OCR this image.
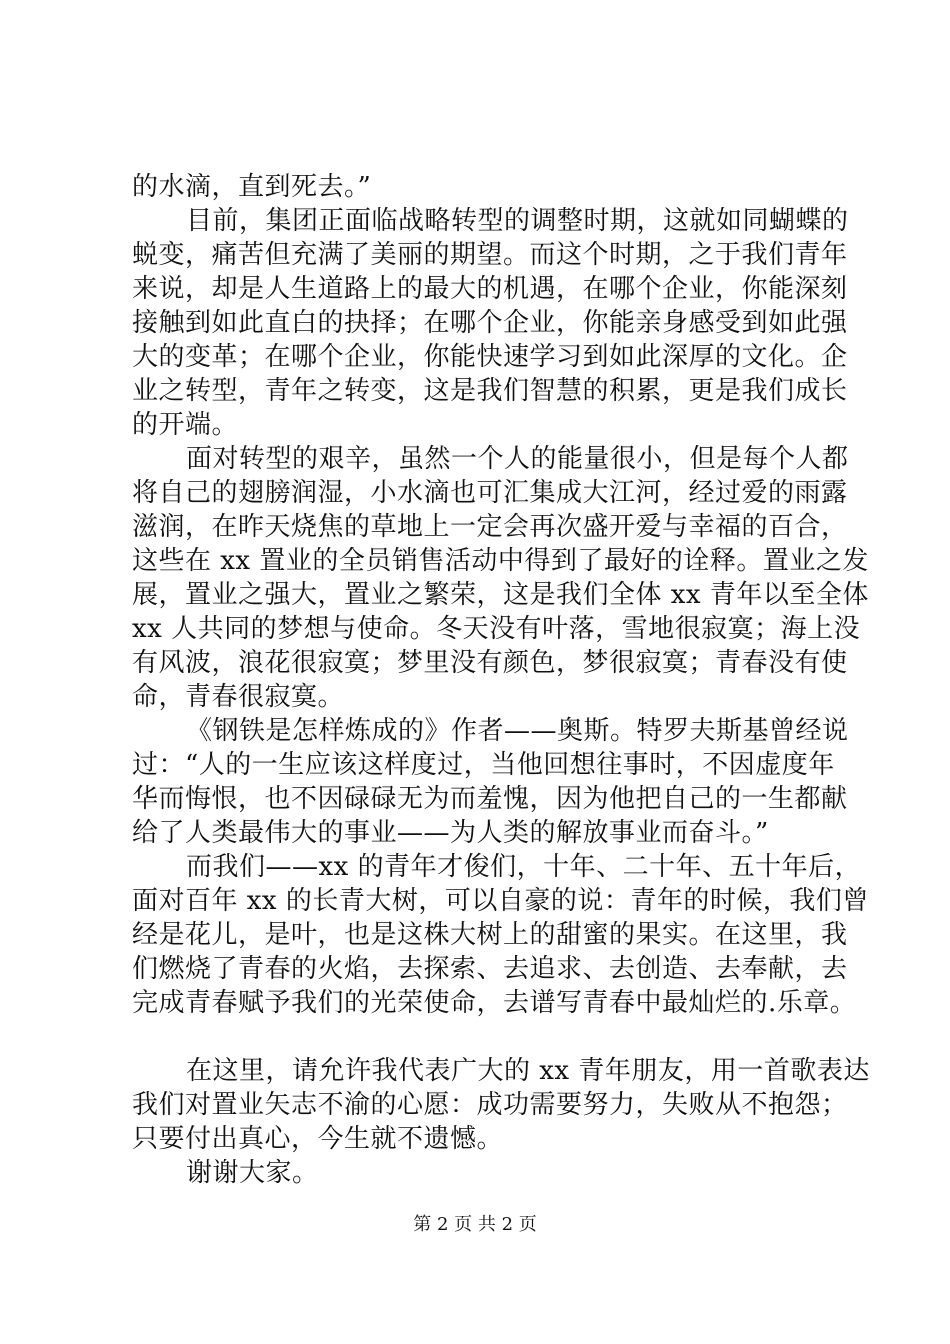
的水滴，直到死去。”
目前，集团正面临战略转型的调整时期，这就如同蝴蝶的
蜕变，痛苦但充满了美丽的期望。而这个时期，之于我们青年
来说，却是人生道路上的最大的机遇，在哪个企业，你能深刻
接触到如此直白的抉择；在哪个企业，你能亲身感受到如此强
大的变革；在哪个企业，你能快速学习到如此深厚的文化。企
业之转型，青年之转变，这是我们智慧的积累，更是我们成长
的开端。
面对转型的艰辛，虽然一个人的能量很小，但是每个人都
将自己的翅膀润湿，小水滴也可汇集成大江河，经过爱的雨露
滋润，在昨天烧焦的草地上一定会再次盛开爱与幸福的百合，
这些在 xx 置业的全员销售活动中得到了最好的诠释。置业之发
展，置业之强大，置业之繁荣，这是我们全体 xx 青年以至全体
xx 人共同的梦想与使命。冬天没有叶落，雪地很寂寞；海上没
有风波，浪花很寂寞；梦里没有颜色，梦很寂寞；青春没有使
命，青春很寂寞。
《钢铁是怎样炼成的》作者——奥斯。特罗夫斯基曾经说
过：“人的一生应该这样度过，当他回想往事时，不因虚度年
华而悔恨，也不因碌碌无为而羞愧，因为他把自己的一生都献
给了人类最伟大的事业——为人类的解放事业而奋斗。”
而我们——xx 的青年才俊们，十年、二十年、五十年后，
面对百年 xx 的长青大树，可以自豪的说：青年的时候，我们曾
经是花儿，是叶，也是这株大树上的甜蜜的果实。在这里，我
们燃烧了青春的火焰，去探索、去追求、去创造、去奉献，去
完成青春赋予我们的光荣使命，去谱写青春中最灿烂的.乐章。
在这里，请允许我代表广大的 xx 青年朋友，用一首歌表达
我们对置业矢志不渝的心愿：成功需要努力，失败从不抱怨；
只要付出真心，今生就不遗憾。
谢谢大家。
第 2 页 共 2 页
